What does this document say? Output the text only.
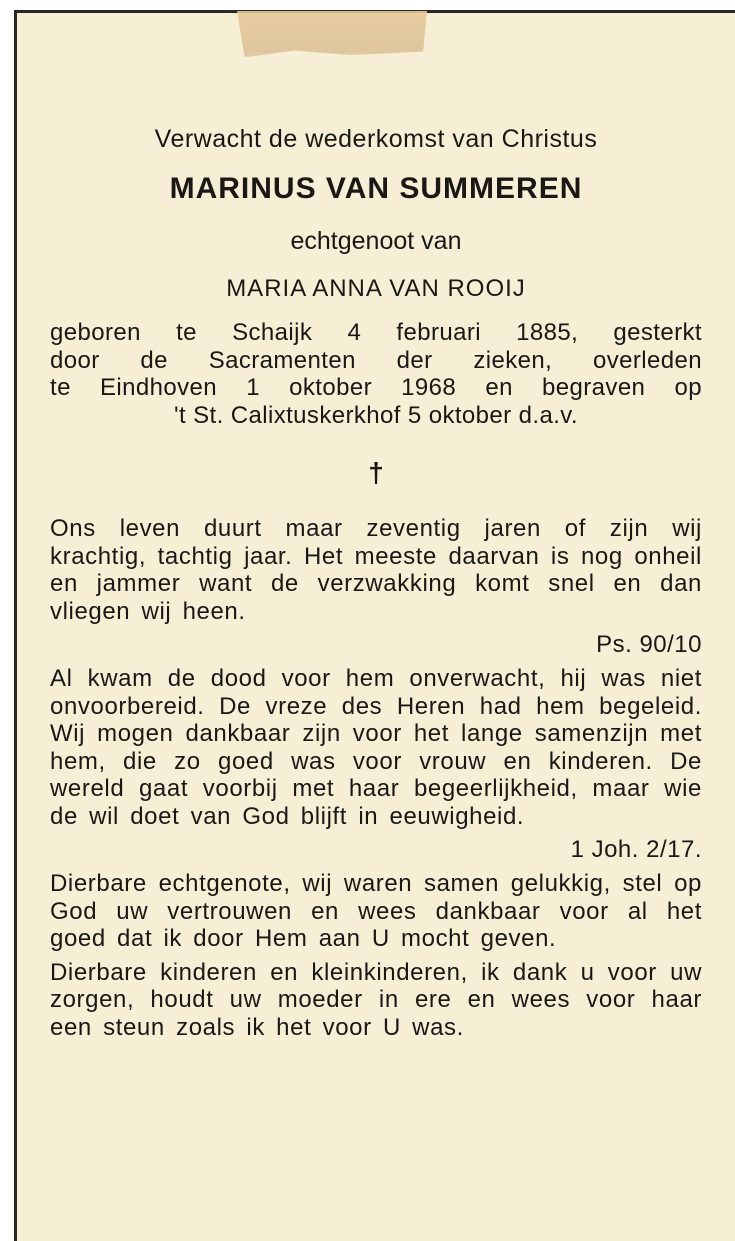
Verwacht de wederkomst van Christus

MARINUS VAN SUMMEREN

echtgenoot van

MARIA ANNA VAN ROOIJ

geboren te Schaijk 4 februari 1885, gesterkt
door de Sacramenten der zieken, overleden
te Eindhoven 1 oktober 1968 en begraven op
't St. Calixtuskerkhof 5 oktober d.a.v.
†

Ons leven duurt maar zeventig jaren of zijn wij krachtig, tachtig jaar. Het meeste daarvan is nog onheil en jammer want de verzwakking komt snel en dan vliegen wij heen.

Ps. 90/10

Al kwam de dood voor hem onverwacht, hij was niet onvoorbereid. De vreze des Heren had hem begeleid. Wij mogen dankbaar zijn voor het lange samenzijn met hem, die zo goed was voor vrouw en kinderen. De wereld gaat voorbij met haar begeerlijkheid, maar wie de wil doet van God blijft in eeuwigheid.

1 Joh. 2/17.

Dierbare echtgenote, wij waren samen gelukkig, stel op God uw vertrouwen en wees dankbaar voor al het goed dat ik door Hem aan U mocht geven.

Dierbare kinderen en kleinkinderen, ik dank u voor uw zorgen, houdt uw moeder in ere en wees voor haar een steun zoals ik het voor U was.
